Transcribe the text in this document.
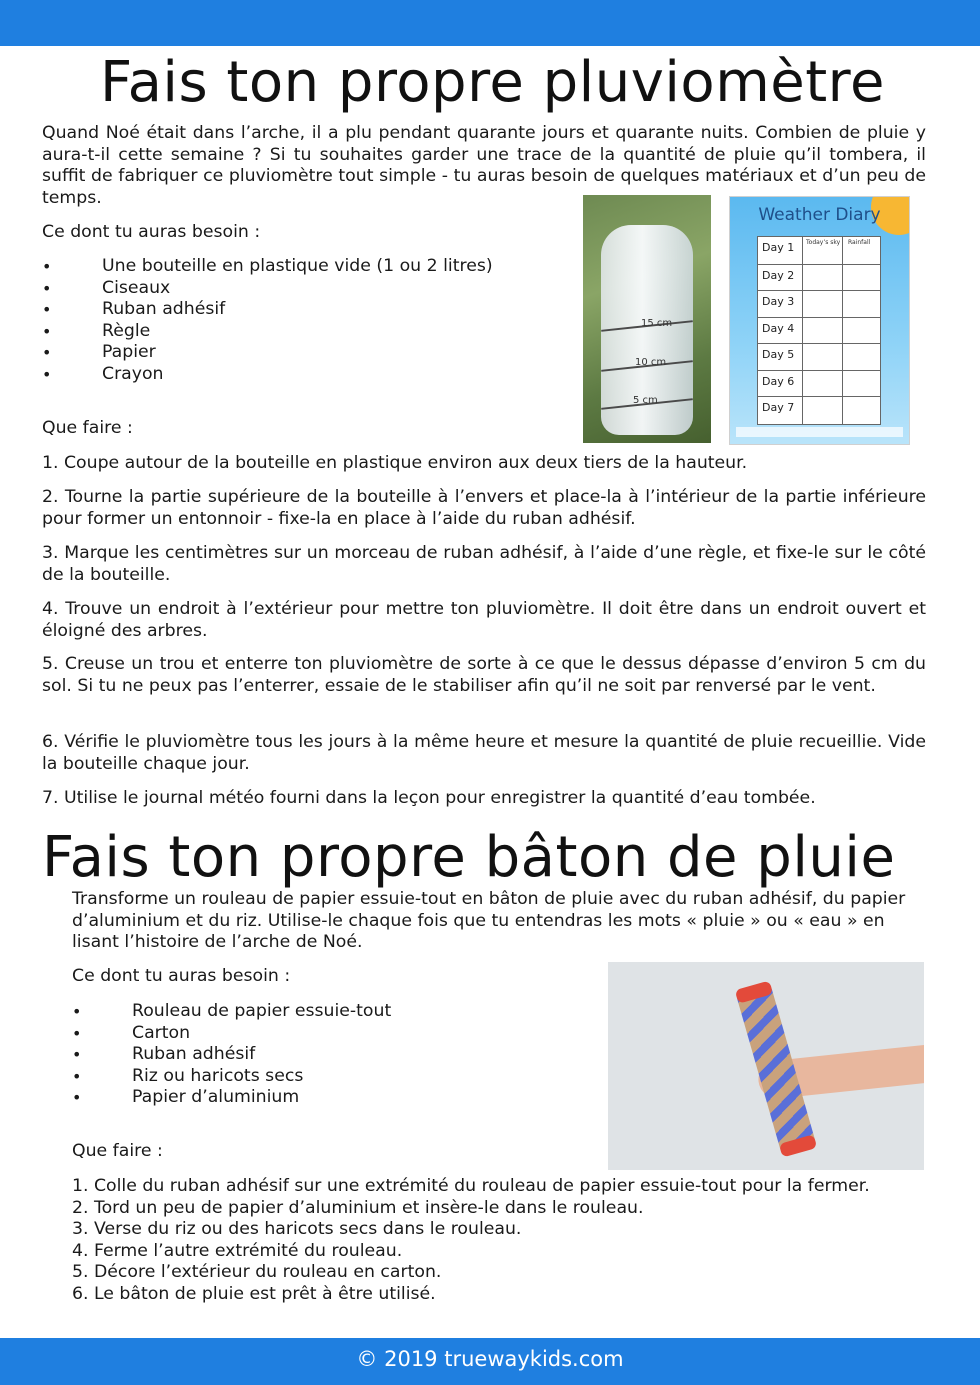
Fais ton propre pluviomètre

Quand Noé était dans l’arche, il a plu pendant quarante jours et quarante nuits. Combien de pluie y aura-t-il cette semaine ? Si tu souhaites garder une trace de la quantité de pluie qu’il tombera, il suffit de fabriquer ce pluviomètre tout simple - tu auras besoin de quelques matériaux et d’un peu de temps.

Ce dont tu auras besoin :

• Une bouteille en plastique vide (1 ou 2 litres)
• Ciseaux
• Ruban adhésif
• Règle
• Papier
• Crayon
15 cm
10 cm
5 cm
Weather Diary
Today’s sky Rainfall
Day 1
Day 2
Day 3
Day 4
Day 5
Day 6
Day 7

Que faire :

1. Coupe autour de la bouteille en plastique environ aux deux tiers de la hauteur.

2. Tourne la partie supérieure de la bouteille à l’envers et place-la à l’intérieur de la partie inférieure pour former un entonnoir - fixe-la en place à l’aide du ruban adhésif.

3. Marque les centimètres sur un morceau de ruban adhésif, à l’aide d’une règle, et fixe-le sur le côté de la bouteille.

4. Trouve un endroit à l’extérieur pour mettre ton pluviomètre. Il doit être dans un endroit ouvert et éloigné des arbres.

5. Creuse un trou et enterre ton pluviomètre de sorte à ce que le dessus dépasse d’environ 5 cm du sol. Si tu ne peux pas l’enterrer, essaie de le stabiliser afin qu’il ne soit par renversé par le vent.

6. Vérifie le pluviomètre tous les jours à la même heure et mesure la quantité de pluie recueillie. Vide la bouteille chaque jour.

7. Utilise le journal météo fourni dans la leçon pour enregistrer la quantité d’eau tombée.

Fais ton propre bâton de pluie

Transforme un rouleau de papier essuie-tout en bâton de pluie avec du ruban adhésif, du papier d’aluminium et du riz. Utilise-le chaque fois que tu entendras les mots « pluie » ou « eau » en lisant l’histoire de l’arche de Noé.

Ce dont tu auras besoin :

• Rouleau de papier essuie-tout
• Carton
• Ruban adhésif
• Riz ou haricots secs
• Papier d’aluminium

Que faire :

1. Colle du ruban adhésif sur une extrémité du rouleau de papier essuie-tout pour la fermer.
2. Tord un peu de papier d’aluminium et insère-le dans le rouleau.
3. Verse du riz ou des haricots secs dans le rouleau.
4. Ferme l’autre extrémité du rouleau.
5. Décore l’extérieur du rouleau en carton.
6. Le bâton de pluie est prêt à être utilisé.
© 2019 truewaykids.com
